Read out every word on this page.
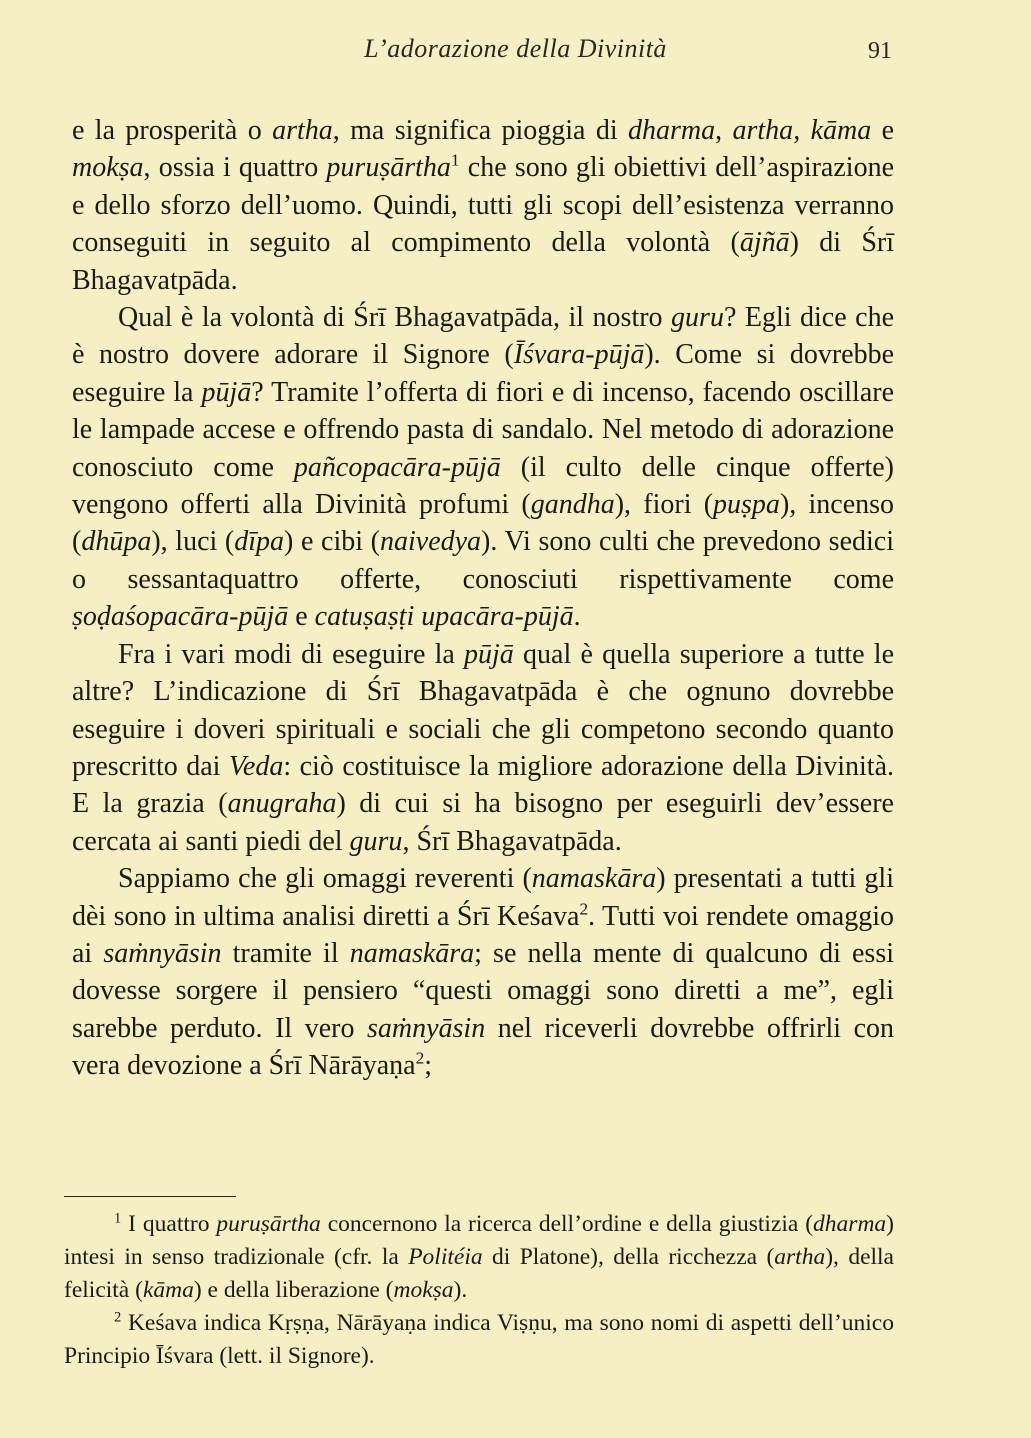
L’adorazione della Divinità	91

e la prosperità o artha, ma significa pioggia di dharma, artha, kāma e mokṣa, ossia i quattro puruṣārtha$^1$ che sono gli obiettivi dell’aspirazione e dello sforzo dell’uomo. Quindi, tutti gli scopi dell’esistenza verranno conseguiti in seguito al compimento della volontà (ājñā) di Śrī Bhagavatpāda.

Qual è la volontà di Śrī Bhagavatpāda, il nostro guru? Egli dice che è nostro dovere adorare il Signore (Īśvara-pūjā). Come si dovrebbe eseguire la pūjā? Tramite l’offerta di fiori e di incenso, facendo oscillare le lampade accese e offrendo pasta di sandalo. Nel metodo di adorazione conosciuto come pañcopacāra-pūjā (il culto delle cinque offerte) vengono offerti alla Divinità profumi (gandha), fiori (puṣpa), incenso (dhūpa), luci (dīpa) e cibi (naivedya). Vi sono culti che prevedono sedici o sessantaquattro offerte, conosciuti rispettivamente come ṣoḍaśopacāra-pūjā e catuṣaṣṭi upacāra-pūjā.

Fra i vari modi di eseguire la pūjā qual è quella superiore a tutte le altre? L’indicazione di Śrī Bhagavatpāda è che ognuno dovrebbe eseguire i doveri spirituali e sociali che gli competono secondo quanto prescritto dai Veda: ciò costituisce la migliore adorazione della Divinità. E la grazia (anugraha) di cui si ha bisogno per eseguirli dev’essere cercata ai santi piedi del guru, Śrī Bhagavatpāda.

Sappiamo che gli omaggi reverenti (namaskāra) presentati a tutti gli dèi sono in ultima analisi diretti a Śrī Keśava$^2$. Tutti voi rendete omaggio ai saṁnyāsin tramite il namaskāra; se nella mente di qualcuno di essi dovesse sorgere il pensiero “questi omaggi sono diretti a me”, egli sarebbe perduto. Il vero saṁnyāsin nel riceverli dovrebbe offrirli con vera devozione a Śrī Nārāyaṇa$^2$;

$^1$ I quattro puruṣārtha concernono la ricerca dell’ordine e della giustizia (dharma) intesi in senso tradizionale (cfr. la Politéia di Platone), della ricchezza (artha), della felicità (kāma) e della liberazione (mokṣa).

$^2$ Keśava indica Kṛṣṇa, Nārāyaṇa indica Viṣṇu, ma sono nomi di aspetti dell’unico Principio Īśvara (lett. il Signore).
